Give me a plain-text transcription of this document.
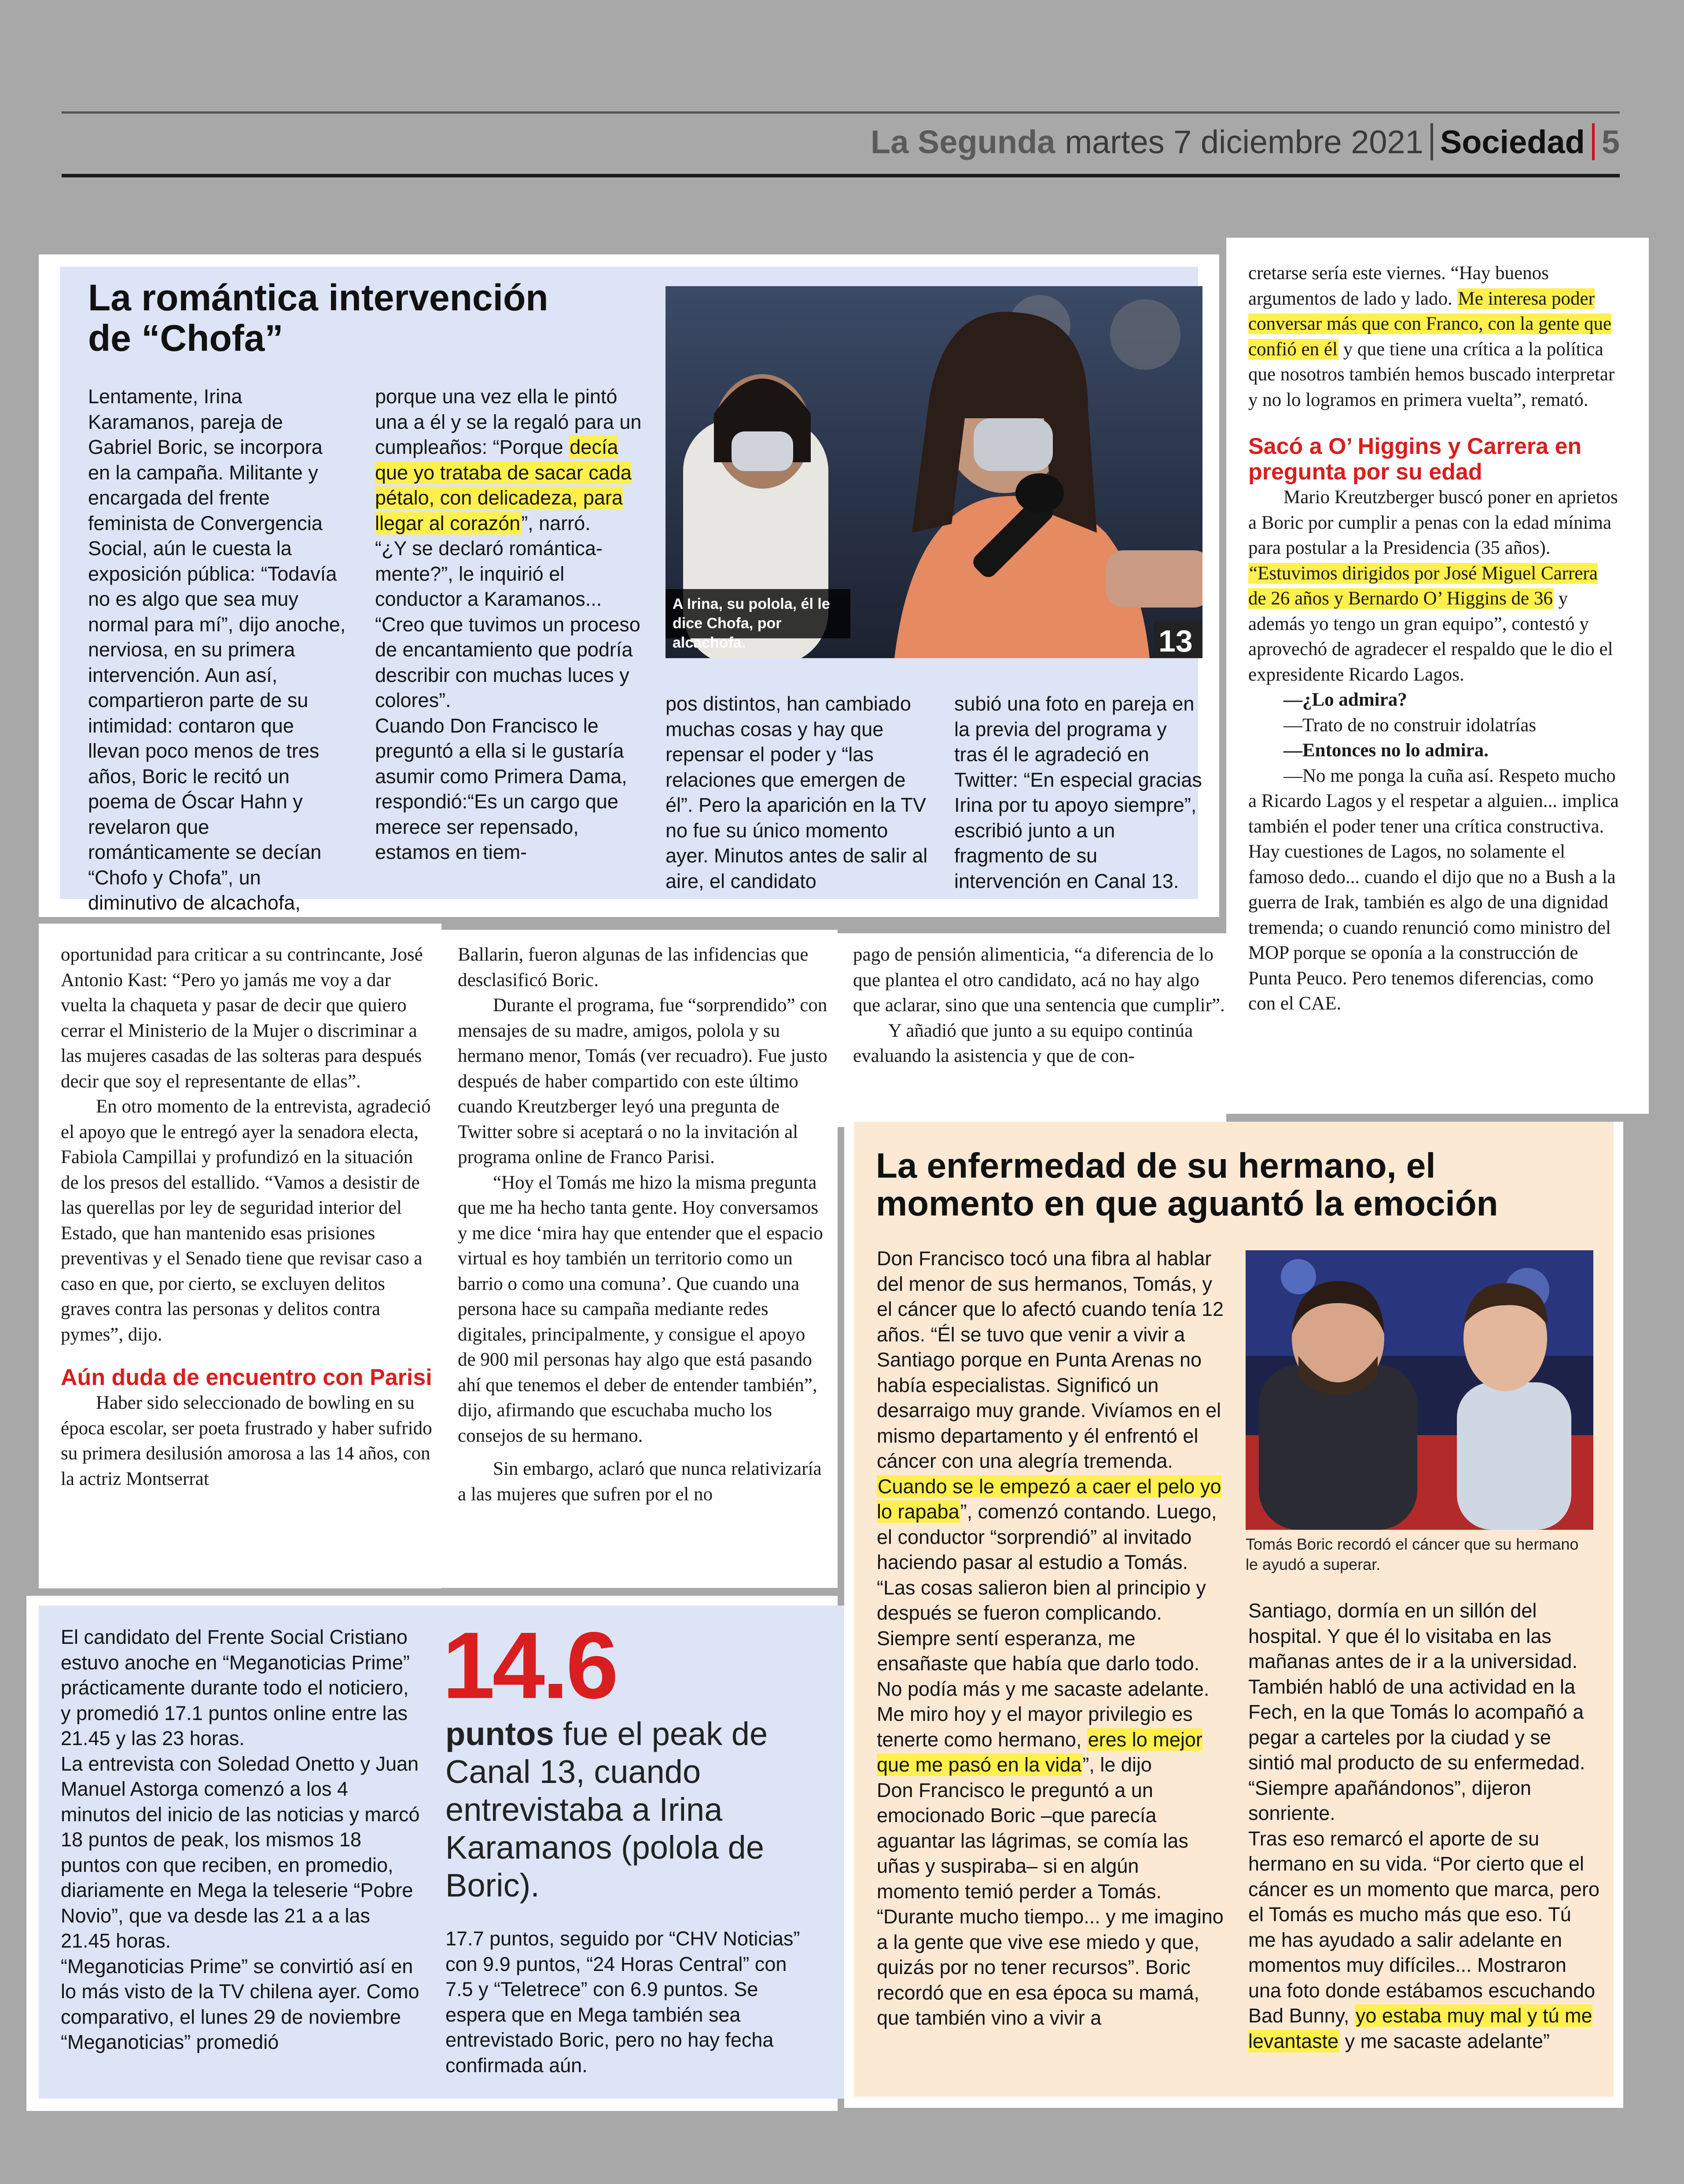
La Segunda martes 7 diciembre 2021 Sociedad 5
La romántica intervención
de “Chofa”
13
A Irina, su polola, él le dice Chofa, por alcachofa.

Lentamente, Irina Karamanos, pareja de Gabriel Boric, se incorpora en la campaña. Militante y encargada del frente feminista de Convergencia Social, aún le cuesta la exposición pública: “Todavía no es algo que sea muy normal para mí”, dijo anoche, nerviosa, en su primera intervención. Aun así, compartieron parte de su intimidad: contaron que llevan poco menos de tres años, Boric le recitó un poema de Óscar Hahn y revelaron que románticamente se decían “Chofo y Chofa”, un diminutivo de alcachofa,

porque una vez ella le pintó una a él y se la regaló para un cumpleaños: “Porque decía que yo trataba de sacar cada pétalo, con delicadeza, para llegar al corazón”, narró.

“¿Y se declaró romántica-mente?”, le inquirió el conductor a Karamanos...

“Creo que tuvimos un proceso de encantamiento que podría describir con muchas luces y colores”.

Cuando Don Francisco le preguntó a ella si le gustaría asumir como Primera Dama, respondió:“Es un cargo que merece ser repensado, estamos en tiem-

pos distintos, han cambiado muchas cosas y hay que repensar el poder y “las relaciones que emergen de él”. Pero la aparición en la TV no fue su único momento ayer. Minutos antes de salir al aire, el candidato

subió una foto en pareja en la previa del programa y tras él le agradeció en Twitter: “En especial gracias Irina por tu apoyo siempre”, escribió junto a un fragmento de su intervención en Canal 13.

cretarse sería este viernes. “Hay buenos argumentos de lado y lado. Me interesa poder conversar más que con Franco, con la gente que confió en él y que tiene una crítica a la política que nosotros también hemos buscado interpretar y no lo logramos en primera vuelta”, remató.

Sacó a O’ Higgins y Carrera en pregunta por su edad

Mario Kreutzberger buscó poner en aprietos a Boric por cumplir a penas con la edad mínima para postular a la Presidencia (35 años). “Estuvimos dirigidos por José Miguel Carrera de 26 años y Bernardo O’ Higgins de 36 y además yo tengo un gran equipo”, contestó y aprovechó de agradecer el respaldo que le dio el expresidente Ricardo Lagos.

—¿Lo admira?

—Trato de no construir idolatrías

—Entonces no lo admira.

—No me ponga la cuña así. Respeto mucho a Ricardo Lagos y el respetar a alguien... implica también el poder tener una crítica constructiva. Hay cuestiones de Lagos, no solamente el famoso dedo... cuando el dijo que no a Bush a la guerra de Irak, también es algo de una dignidad tremenda; o cuando renunció como ministro del MOP porque se oponía a la construcción de Punta Peuco. Pero tenemos diferencias, como con el CAE.

oportunidad para criticar a su contrincante, José Antonio Kast: “Pero yo jamás me voy a dar vuelta la chaqueta y pasar de decir que quiero cerrar el Ministerio de la Mujer o discriminar a las mujeres casadas de las solteras para después decir que soy el representante de ellas”.

En otro momento de la entrevista, agradeció el apoyo que le entregó ayer la senadora electa, Fabiola Campillai y profundizó en la situación de los presos del estallido. “Vamos a desistir de las querellas por ley de seguridad interior del Estado, que han mantenido esas prisiones preventivas y el Senado tiene que revisar caso a caso en que, por cierto, se excluyen delitos graves contra las personas y delitos contra pymes”, dijo.

Aún duda de encuentro con Parisi

Haber sido seleccionado de bowling en su época escolar, ser poeta frustrado y haber sufrido su primera desilusión amorosa a las 14 años, con la actriz Montserrat

Ballarin, fueron algunas de las infidencias que desclasificó Boric.

Durante el programa, fue “sorprendido” con mensajes de su madre, amigos, polola y su hermano menor, Tomás (ver recuadro). Fue justo después de haber compartido con este último cuando Kreutzberger leyó una pregunta de Twitter sobre si aceptará o no la invitación al programa online de Franco Parisi.

“Hoy el Tomás me hizo la misma pregunta que me ha hecho tanta gente. Hoy conversamos y me dice ‘mira hay que entender que el espacio virtual es hoy también un territorio como un barrio o como una comuna’. Que cuando una persona hace su campaña mediante redes digitales, principalmente, y consigue el apoyo de 900 mil personas hay algo que está pasando ahí que tenemos el deber de entender también”, dijo, afirmando que escuchaba mucho los consejos de su hermano.

Sin embargo, aclaró que nunca relativizaría a las mujeres que sufren por el no

pago de pensión alimenticia, “a diferencia de lo que plantea el otro candidato, acá no hay algo que aclarar, sino que una sentencia que cumplir”.

Y añadió que junto a su equipo continúa evaluando la asistencia y que de con-

El candidato del Frente Social Cristiano estuvo anoche en “Meganoticias Prime” prácticamente durante todo el noticiero, y promedió 17.1 puntos online entre las 21.45 y las 23 horas.

La entrevista con Soledad Onetto y Juan Manuel Astorga comenzó a los 4 minutos del inicio de las noticias y marcó 18 puntos de peak, los mismos 18 puntos con que reciben, en promedio, diariamente en Mega la teleserie “Pobre Novio”, que va desde las 21 a a las 21.45 horas.

“Meganoticias Prime” se convirtió así en lo más visto de la TV chilena ayer. Como comparativo, el lunes 29 de noviembre “Meganoticias” promedió

14.6

puntos fue el peak de Canal 13, cuando entrevistaba a Irina Karamanos (polola de Boric).

17.7 puntos, seguido por “CHV Noticias” con 9.9 puntos, “24 Horas Central” con 7.5 y “Teletrece” con 6.9 puntos. Se espera que en Mega también sea entrevistado Boric, pero no hay fecha confirmada aún.

La enfermedad de su hermano, el
momento en que aguantó la emoción

Tomás Boric recordó el cáncer que su hermano le ayudó a superar.

Don Francisco tocó una fibra al hablar del menor de sus hermanos, Tomás, y el cáncer que lo afectó cuando tenía 12 años. “Él se tuvo que venir a vivir a Santiago porque en Punta Arenas no había especialistas. Significó un desarraigo muy grande. Vivíamos en el mismo departamento y él enfrentó el cáncer con una alegría tremenda. Cuando se le empezó a caer el pelo yo lo rapaba”, comenzó contando. Luego, el conductor “sorprendió” al invitado haciendo pasar al estudio a Tomás. “Las cosas salieron bien al principio y después se fueron complicando. Siempre sentí esperanza, me ensañaste que había que darlo todo. No podía más y me sacaste adelante. Me miro hoy y el mayor privilegio es tenerte como hermano, eres lo mejor que me pasó en la vida”, le dijo

Don Francisco le preguntó a un emocionado Boric –que parecía aguantar las lágrimas, se comía las uñas y suspiraba– si en algún momento temió perder a Tomás. “Durante mucho tiempo... y me imagino a la gente que vive ese miedo y que, quizás por no tener recursos”. Boric recordó que en esa época su mamá, que también vino a vivir a

Santiago, dormía en un sillón del hospital. Y que él lo visitaba en las mañanas antes de ir a la universidad. También habló de una actividad en la Fech, en la que Tomás lo acompañó a pegar a carteles por la ciudad y se sintió mal producto de su enfermedad. “Siempre apañándonos”, dijeron sonriente.

Tras eso remarcó el aporte de su hermano en su vida. “Por cierto que el cáncer es un momento que marca, pero el Tomás es mucho más que eso. Tú me has ayudado a salir adelante en momentos muy difíciles... Mostraron una foto donde estábamos escuchando Bad Bunny, yo estaba muy mal y tú me levantaste y me sacaste adelante”
